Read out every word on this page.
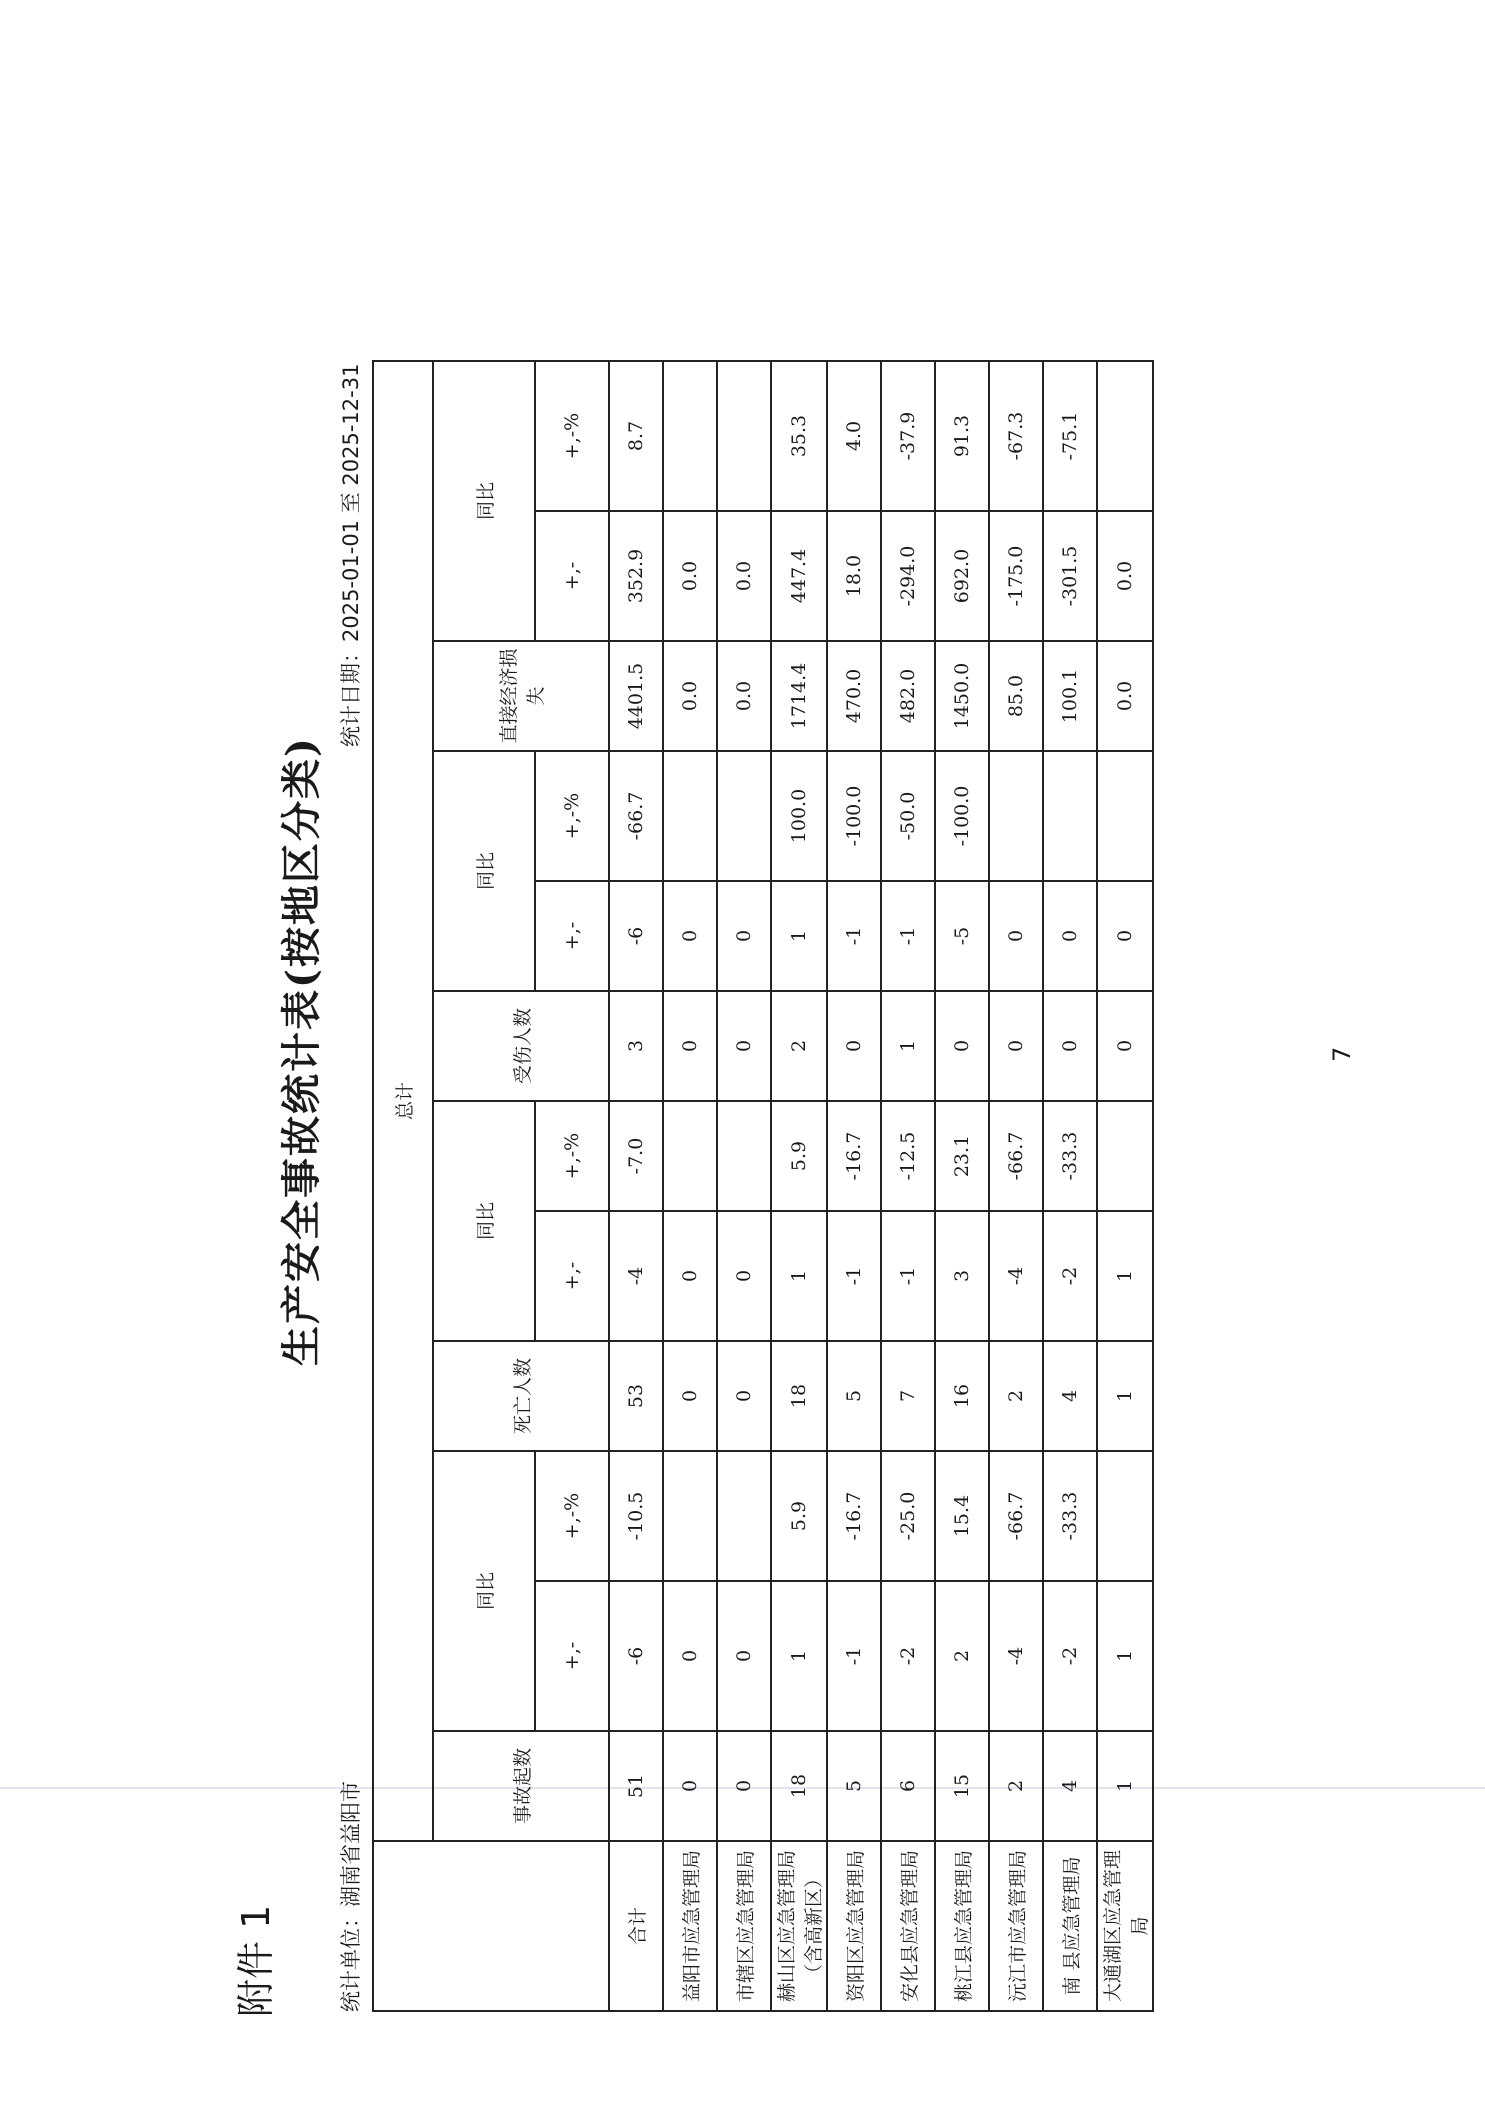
附件 1
生产安全事故统计表(按地区分类)
统计单位：湖南省益阳市
统计日期：2025-01-01 至 2025-12-31
	总计											
	事故起数	同比		死亡人数	同比		受伤人数	同比		直接经济损失	同比	
		+,-	+,-%		+,-	+,-%		+,-	+,-%		+,-	+,-%
合计	51	-6	-10.5	53	-4	-7.0	3	-6	-66.7	4401.5	352.9	8.7
益阳市应急管理局	0	0		0	0		0	0		0.0	0.0	
市辖区应急管理局	0	0		0	0		0	0		0.0	0.0	
赫山区应急管理局（含高新区）	18	1	5.9	18	1	5.9	2	1	100.0	1714.4	447.4	35.3
资阳区应急管理局	5	-1	-16.7	5	-1	-16.7	0	-1	-100.0	470.0	18.0	4.0
安化县应急管理局	6	-2	-25.0	7	-1	-12.5	1	-1	-50.0	482.0	-294.0	-37.9
桃江县应急管理局	15	2	15.4	16	3	23.1	0	-5	-100.0	1450.0	692.0	91.3
沅江市应急管理局	2	-4	-66.7	2	-4	-66.7	0	0		85.0	-175.0	-67.3
南 县应急管理局	4	-2	-33.3	4	-2	-33.3	0	0		100.1	-301.5	-75.1
大通湖区应急管理局	1	1		1	1		0	0		0.0	0.0	
7
